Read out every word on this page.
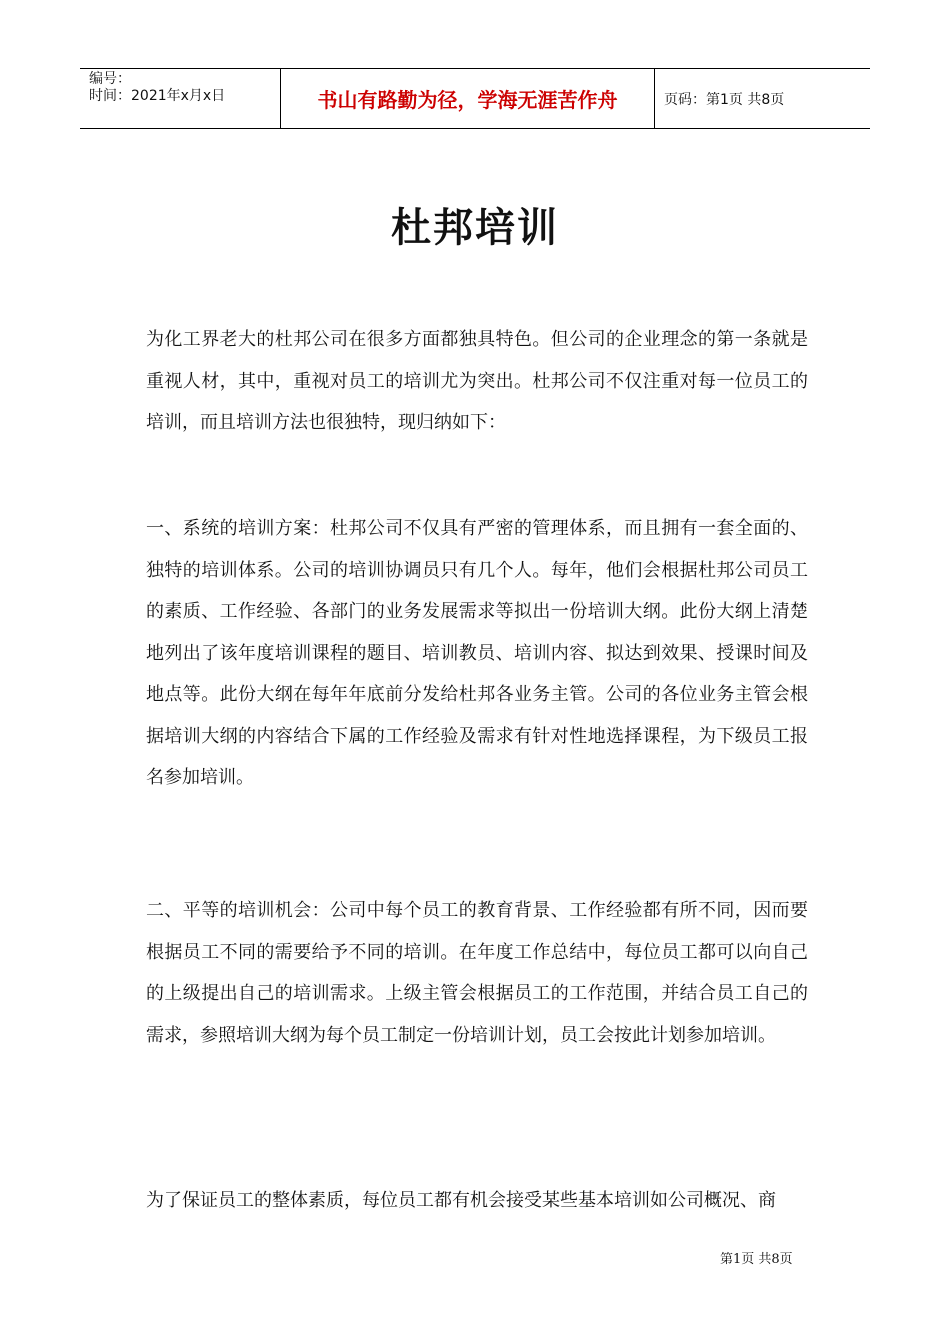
编号：
时间：2021年x月x日	书山有路勤为径，学海无涯苦作舟	页码：第1页 共8页
杜邦培训
为化工界老大的杜邦公司在很多方面都独具特色。但公司的企业理念的第一条就是重视人材，其中，重视对员工的培训尤为突出。杜邦公司不仅注重对每一位员工的培训，而且培训方法也很独特，现归纳如下：
一、系统的培训方案：杜邦公司不仅具有严密的管理体系，而且拥有一套全面的、独特的培训体系。公司的培训协调员只有几个人。每年，他们会根据杜邦公司员工的素质、工作经验、各部门的业务发展需求等拟出一份培训大纲。此份大纲上清楚地列出了该年度培训课程的题目、培训教员、培训内容、拟达到效果、授课时间及地点等。此份大纲在每年年底前分发给杜邦各业务主管。公司的各位业务主管会根据培训大纲的内容结合下属的工作经验及需求有针对性地选择课程，为下级员工报名参加培训。
二、平等的培训机会：公司中每个员工的教育背景、工作经验都有所不同，因而要根据员工不同的需要给予不同的培训。在年度工作总结中，每位员工都可以向自己的上级提出自己的培训需求。上级主管会根据员工的工作范围，并结合员工自己的需求，参照培训大纲为每个员工制定一份培训计划，员工会按此计划参加培训。
为了保证员工的整体素质，每位员工都有机会接受某些基本培训如公司概况、商
第1页 共8页
